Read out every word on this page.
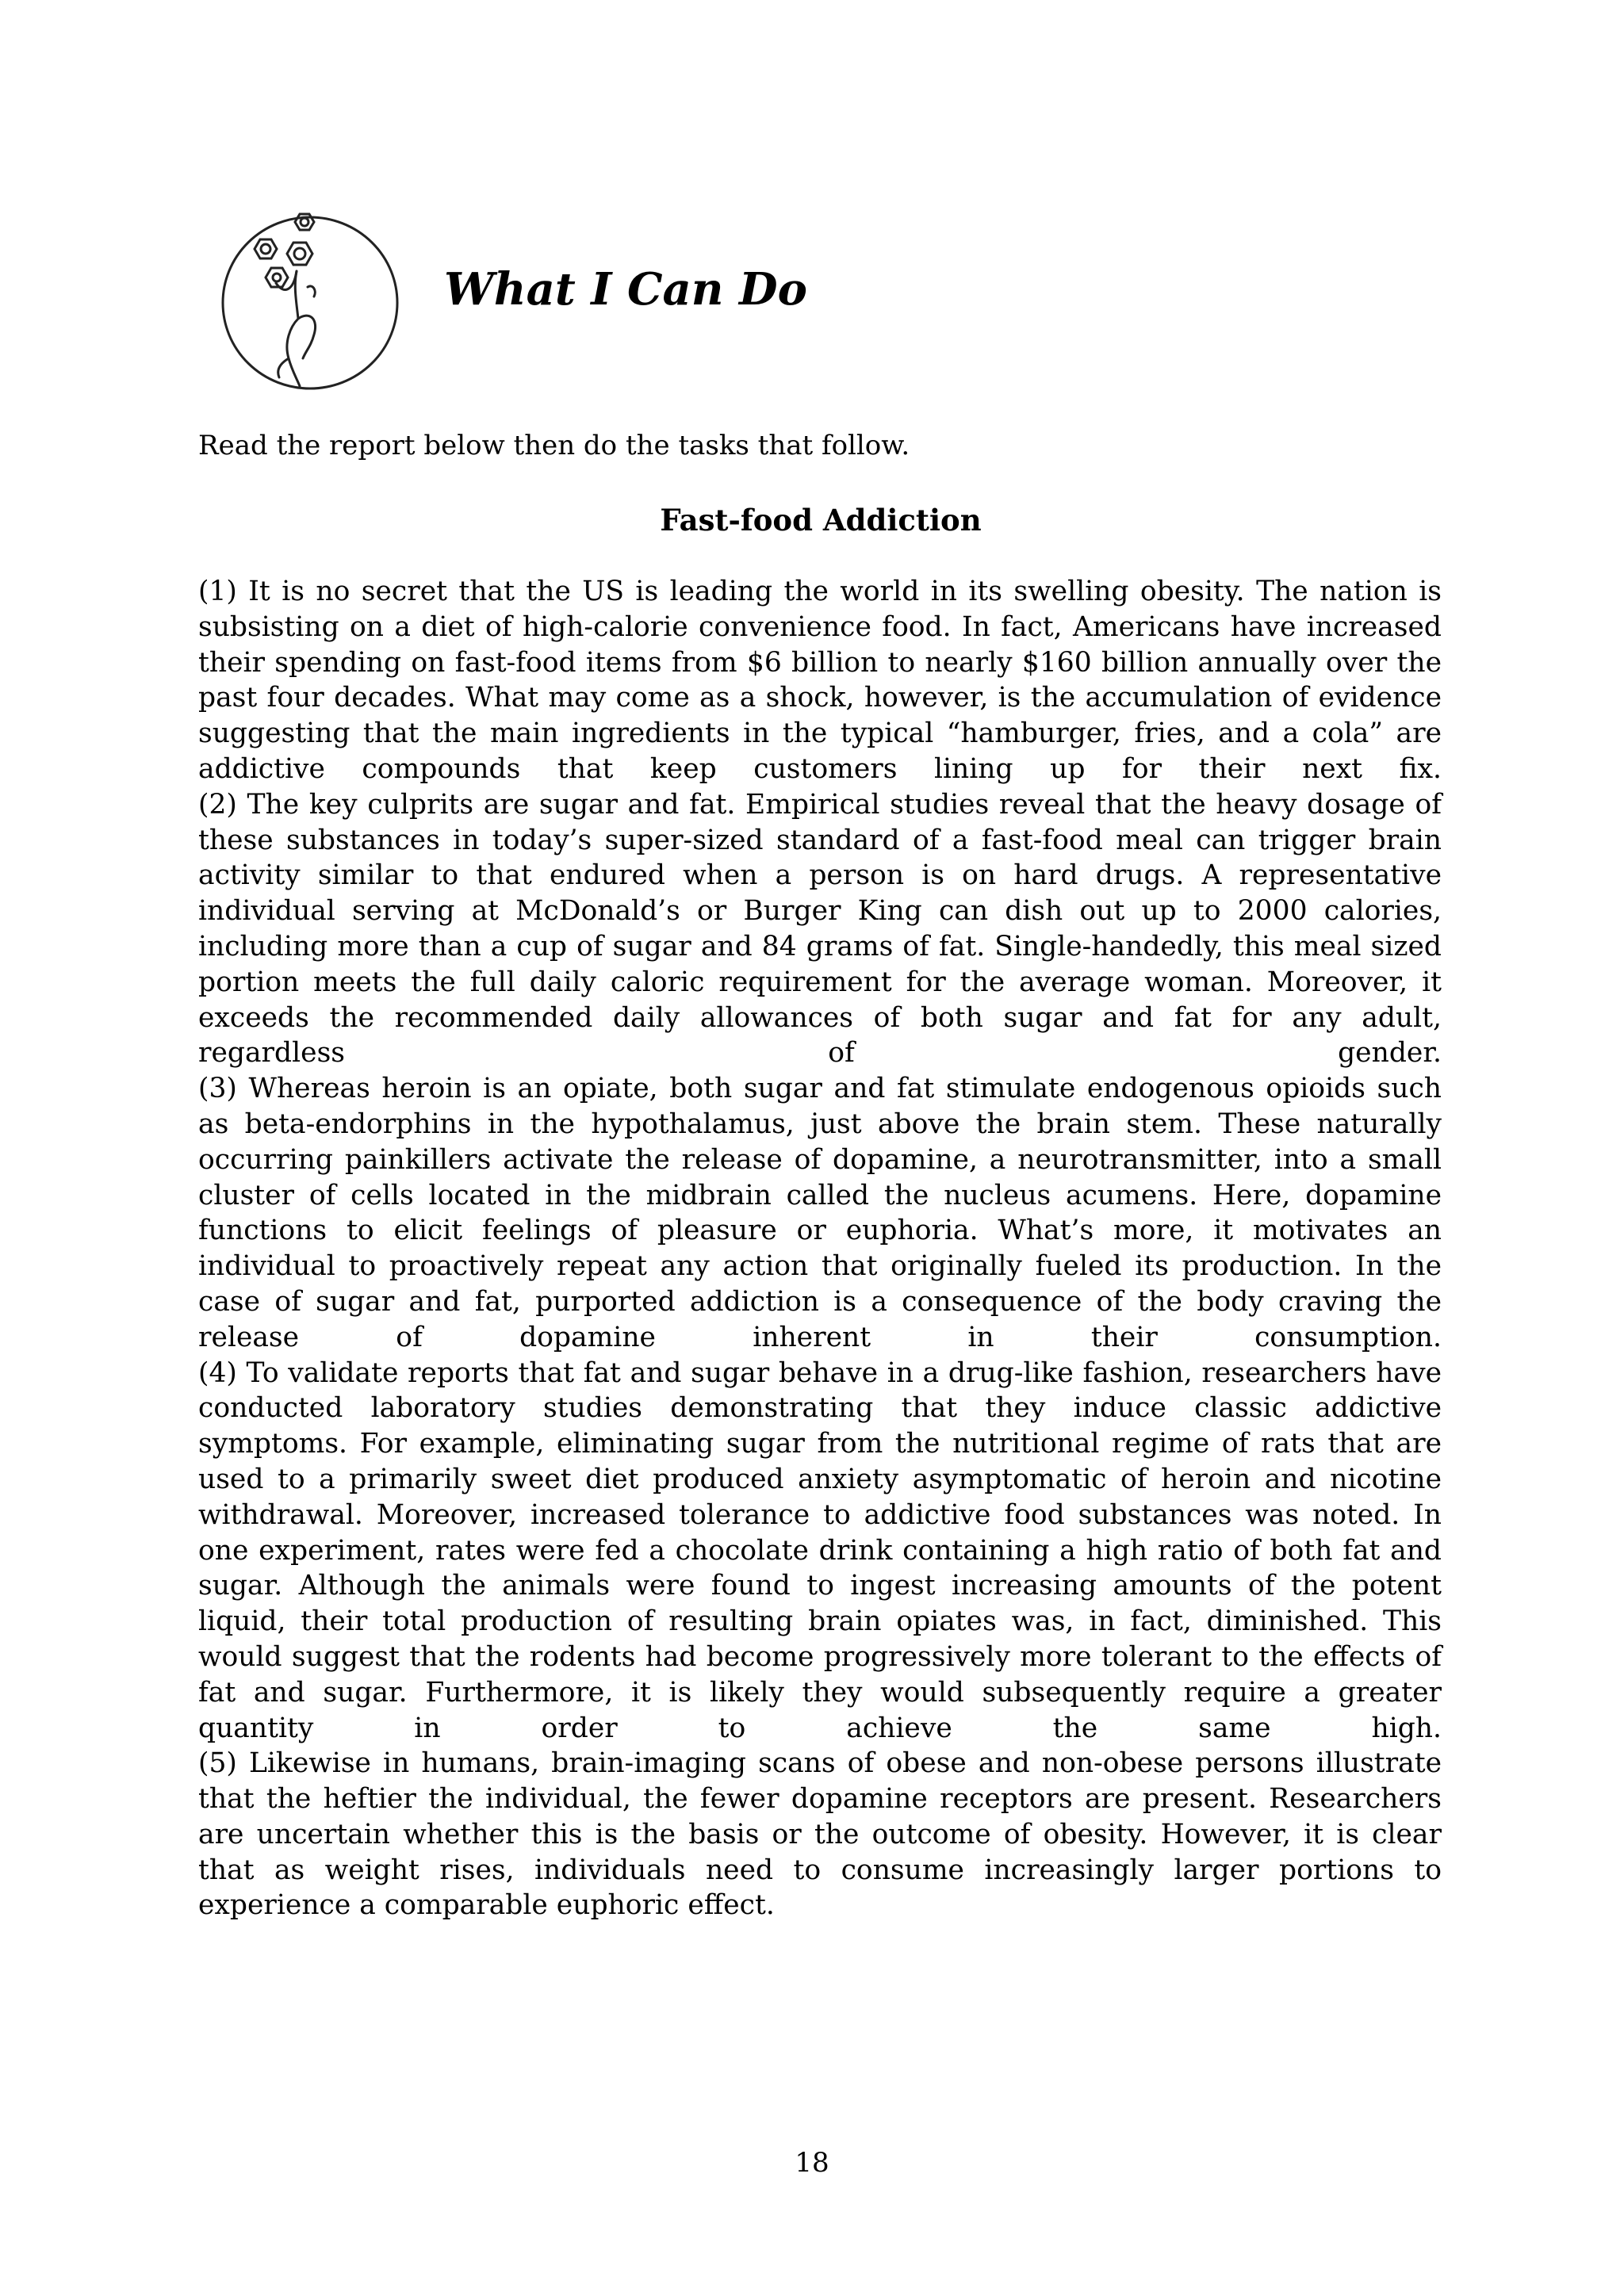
What I Can Do
Read the report below then do the tasks that follow.
Fast-food Addiction

(1) It is no secret that the US is leading the world in its swelling obesity. The nation is subsisting on a diet of high-calorie convenience food. In fact, Americans have increased their spending on fast-food items from $6 billion to nearly $160 billion annually over the past four decades. What may come as a shock, however, is the accumulation of evidence suggesting that the main ingredients in the typical “hamburger, fries, and a cola” are addictive compounds that keep customers lining up for their next fix.

(2) The key culprits are sugar and fat. Empirical studies reveal that the heavy dosage of these substances in today’s super-sized standard of a fast-food meal can trigger brain activity similar to that endured when a person is on hard drugs. A representative individual serving at McDonald’s or Burger King can dish out up to 2000 calories, including more than a cup of sugar and 84 grams of fat. Single-handedly, this meal sized portion meets the full daily caloric requirement for the average woman. Moreover, it exceeds the recommended daily allowances of both sugar and fat for any adult, regardless of gender.

(3) Whereas heroin is an opiate, both sugar and fat stimulate endogenous opioids such as beta-endorphins in the hypothalamus, just above the brain stem. These naturally occurring painkillers activate the release of dopamine, a neurotransmitter, into a small cluster of cells located in the midbrain called the nucleus acumens. Here, dopamine functions to elicit feelings of pleasure or euphoria. What’s more, it motivates an individual to proactively repeat any action that originally fueled its production. In the case of sugar and fat, purported addiction is a consequence of the body craving the release of dopamine inherent in their consumption.

(4) To validate reports that fat and sugar behave in a drug-like fashion, researchers have conducted laboratory studies demonstrating that they induce classic addictive symptoms. For example, eliminating sugar from the nutritional regime of rats that are used to a primarily sweet diet produced anxiety asymptomatic of heroin and nicotine withdrawal. Moreover, increased tolerance to addictive food substances was noted. In one experiment, rates were fed a chocolate drink containing a high ratio of both fat and sugar. Although the animals were found to ingest increasing amounts of the potent liquid, their total production of resulting brain opiates was, in fact, diminished. This would suggest that the rodents had become progressively more tolerant to the effects of fat and sugar. Furthermore, it is likely they would subsequently require a greater quantity in order to achieve the same high.

(5) Likewise in humans, brain-imaging scans of obese and non-obese persons illustrate that the heftier the individual, the fewer dopamine receptors are present. Researchers are uncertain whether this is the basis or the outcome of obesity. However, it is clear that as weight rises, individuals need to consume increasingly larger portions to experience a comparable euphoric effect.

18
